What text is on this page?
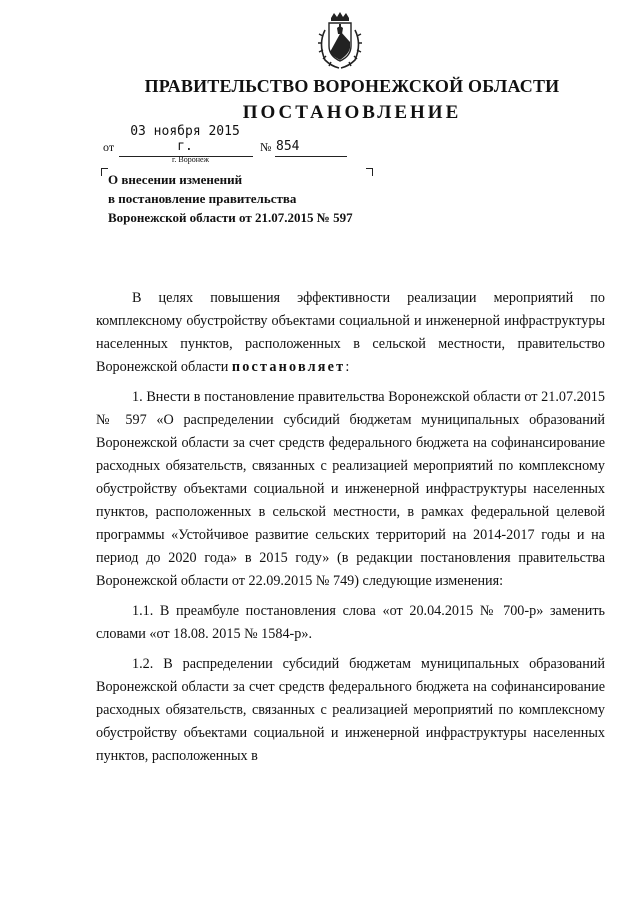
ПРАВИТЕЛЬСТВО ВОРОНЕЖСКОЙ ОБЛАСТИ
ПОСТАНОВЛЕНИЕ
от
03 ноября 2015 г.	№ 854
г. Воронеж
О внесении изменений
в постановление правительства
Воронежской области от 21.07.2015 № 597

В целях повышения эффективности реализации мероприятий по комплексному обустройству объектами социальной и инженерной инфраструктуры населенных пунктов, расположенных в сельской местности, правительство Воронежской области постановляет:

1. Внести в постановление правительства Воронежской области от 21.07.2015 № 597 «О распределении субсидий бюджетам муниципальных образований Воронежской области за счет средств федерального бюджета на софинансирование расходных обязательств, связанных с реализацией мероприятий по комплексному обустройству объектами социальной и инженерной инфраструктуры населенных пунктов, расположенных в сельской местности, в рамках федеральной целевой программы «Устойчивое развитие сельских территорий на 2014-2017 годы и на период до 2020 года» в 2015 году» (в редакции постановления правительства Воронежской области от 22.09.2015 № 749) следующие изменения:

1.1. В преамбуле постановления слова «от 20.04.2015 № 700-р» заменить словами «от 18.08. 2015 № 1584-р».

1.2. В распределении субсидий бюджетам муниципальных образований Воронежской области за счет средств федерального бюджета на софинансирование расходных обязательств, связанных с реализацией мероприятий по комплексному обустройству объектами социальной и инженерной инфраструктуры населенных пунктов, расположенных в
